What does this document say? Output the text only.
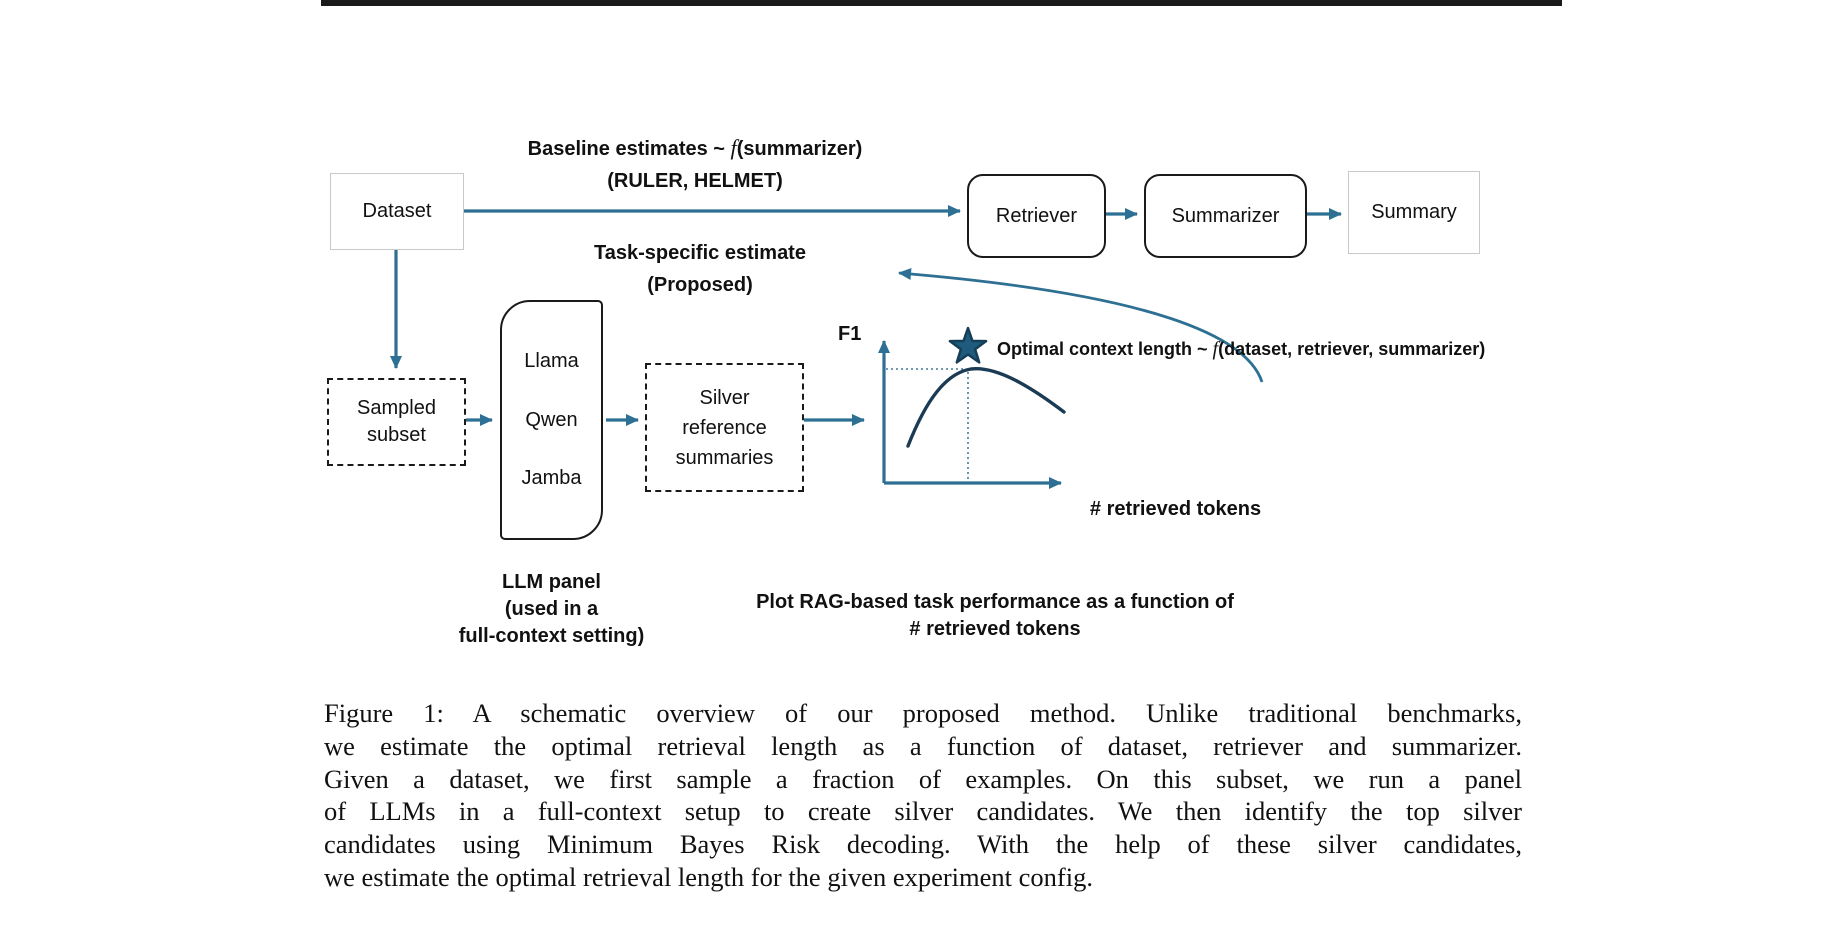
Dataset	Retriever	Summarizer	Summary
Sampled
subset
Llama
Qwen
Jamba
Silver
reference
summaries
Baseline estimates ~ f(summarizer)
(RULER, HELMET)
Task-specific estimate
(Proposed)
F1
Optimal context length ~ f(dataset, retriever, summarizer)
# retrieved tokens
LLM panel
(used in a
full-context setting)
Plot RAG-based task performance as a function of
# retrieved tokens
Figure 1: A schematic overview of our proposed method. Unlike traditional benchmarks,
we estimate the optimal retrieval length as a function of dataset, retriever and summarizer.
Given a dataset, we first sample a fraction of examples. On this subset, we run a panel
of LLMs in a full-context setup to create silver candidates. We then identify the top silver
candidates using Minimum Bayes Risk decoding. With the help of these silver candidates,
we estimate the optimal retrieval length for the given experiment config.
